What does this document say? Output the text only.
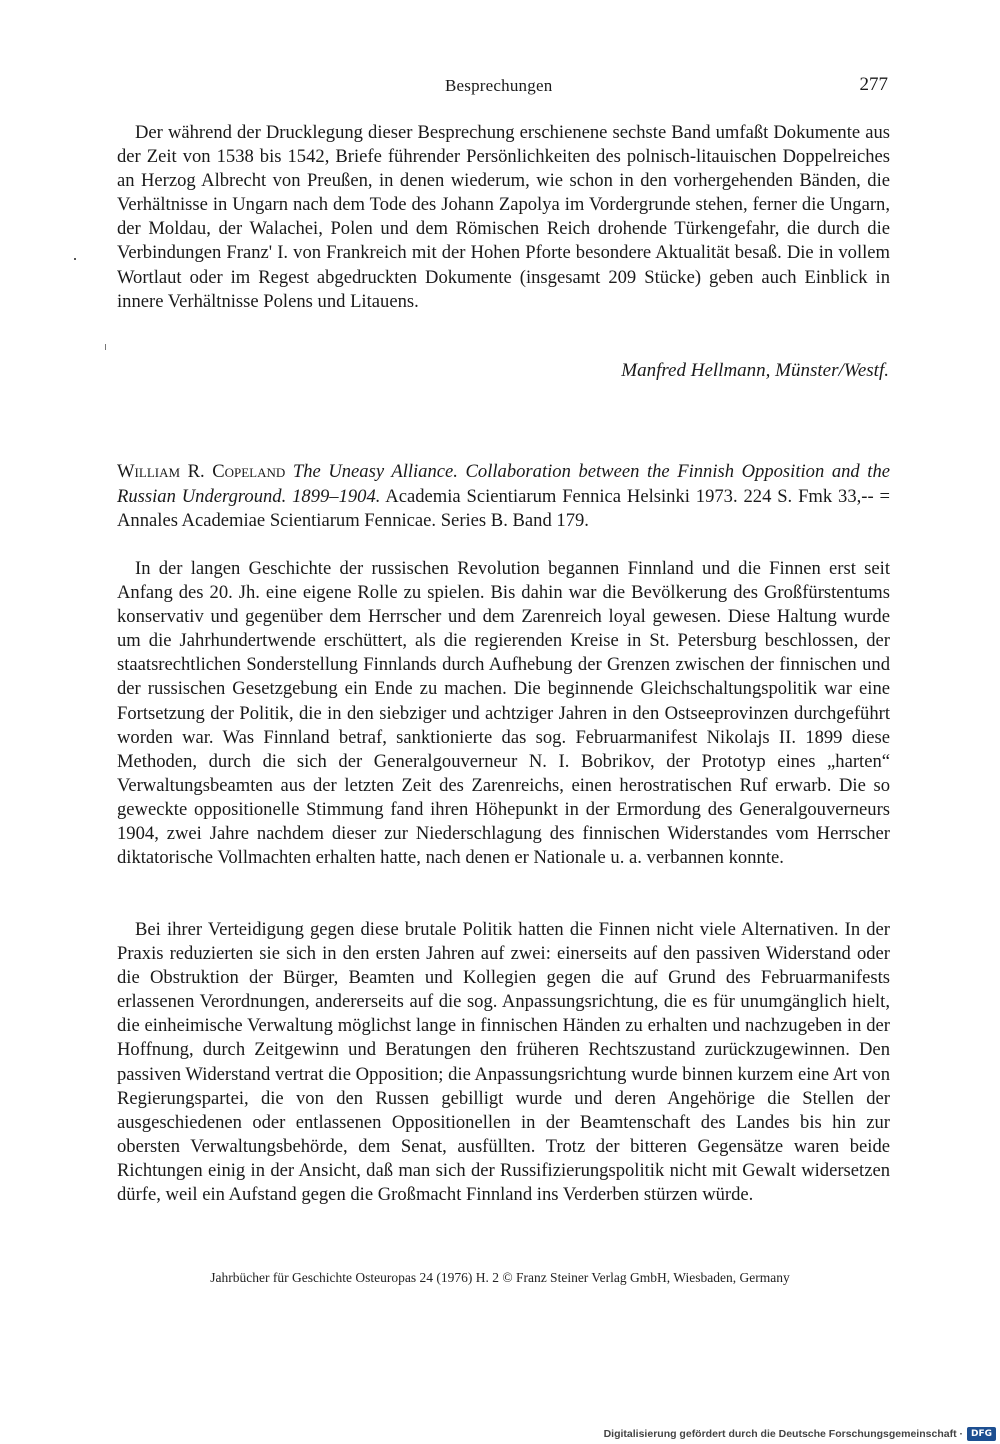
Besprechungen	277

Der während der Drucklegung dieser Besprechung erschienene sechste Band umfaßt Dokumente aus der Zeit von 1538 bis 1542, Briefe führender Persönlichkeiten des polnisch-litauischen Doppelreiches an Herzog Albrecht von Preußen, in denen wiederum, wie schon in den vorhergehenden Bänden, die Verhältnisse in Ungarn nach dem Tode des Johann Zapolya im Vordergrunde stehen, ferner die Ungarn, der Moldau, der Walachei, Polen und dem Römischen Reich drohende Türkengefahr, die durch die Verbindungen Franz' I. von Frankreich mit der Hohen Pforte besondere Aktualität besaß. Die in vollem Wortlaut oder im Regest abgedruckten Dokumente (insgesamt 209 Stücke) geben auch Einblick in innere Verhältnisse Polens und Litauens.

Manfred Hellmann, Münster/Westf.

William R. Copeland The Uneasy Alliance. Collaboration between the Finnish Opposition and the Russian Underground. 1899–1904. Academia Scientiarum Fennica Helsinki 1973. 224 S. Fmk 33,-- = Annales Academiae Scientiarum Fennicae. Series B. Band 179.

In der langen Geschichte der russischen Revolution begannen Finnland und die Finnen erst seit Anfang des 20. Jh. eine eigene Rolle zu spielen. Bis dahin war die Bevölkerung des Großfürstentums konservativ und gegenüber dem Herrscher und dem Zarenreich loyal gewesen. Diese Haltung wurde um die Jahrhundertwende erschüttert, als die regierenden Kreise in St. Petersburg beschlossen, der staatsrechtlichen Sonderstellung Finnlands durch Aufhebung der Grenzen zwischen der finnischen und der russischen Gesetzgebung ein Ende zu machen. Die beginnende Gleichschaltungspolitik war eine Fortsetzung der Politik, die in den siebziger und achtziger Jahren in den Ostseeprovinzen durchgeführt worden war. Was Finnland betraf, sanktionierte das sog. Februarmanifest Nikolajs II. 1899 diese Methoden, durch die sich der Generalgouverneur N. I. Bobrikov, der Prototyp eines „harten“ Verwaltungsbeamten aus der letzten Zeit des Zarenreichs, einen herostratischen Ruf erwarb. Die so geweckte oppositionelle Stimmung fand ihren Höhepunkt in der Ermordung des Generalgouverneurs 1904, zwei Jahre nachdem dieser zur Niederschlagung des finnischen Widerstandes vom Herrscher diktatorische Vollmachten erhalten hatte, nach denen er Nationale u. a. verbannen konnte.

Bei ihrer Verteidigung gegen diese brutale Politik hatten die Finnen nicht viele Alternativen. In der Praxis reduzierten sie sich in den ersten Jahren auf zwei: einerseits auf den passiven Widerstand oder die Obstruktion der Bürger, Beamten und Kollegien gegen die auf Grund des Februarmanifests erlassenen Verordnungen, andererseits auf die sog. Anpassungsrichtung, die es für unumgänglich hielt, die einheimische Verwaltung möglichst lange in finnischen Händen zu erhalten und nachzugeben in der Hoffnung, durch Zeitgewinn und Beratungen den früheren Rechtszustand zurückzugewinnen. Den passiven Widerstand vertrat die Opposition; die Anpassungsrichtung wurde binnen kurzem eine Art von Regierungspartei, die von den Russen gebilligt wurde und deren Angehörige die Stellen der ausgeschiedenen oder entlassenen Oppositionellen in der Beamtenschaft des Landes bis hin zur obersten Verwaltungsbehörde, dem Senat, ausfüllten. Trotz der bitteren Gegensätze waren beide Richtungen einig in der Ansicht, daß man sich der Russifizierungspolitik nicht mit Gewalt widersetzen dürfe, weil ein Aufstand gegen die Großmacht Finnland ins Verderben stürzen würde.

Jahrbücher für Geschichte Osteuropas 24 (1976) H. 2 © Franz Steiner Verlag GmbH, Wiesbaden, Germany
Digitalisierung gefördert durch die Deutsche Forschungsgemeinschaft · DFG
